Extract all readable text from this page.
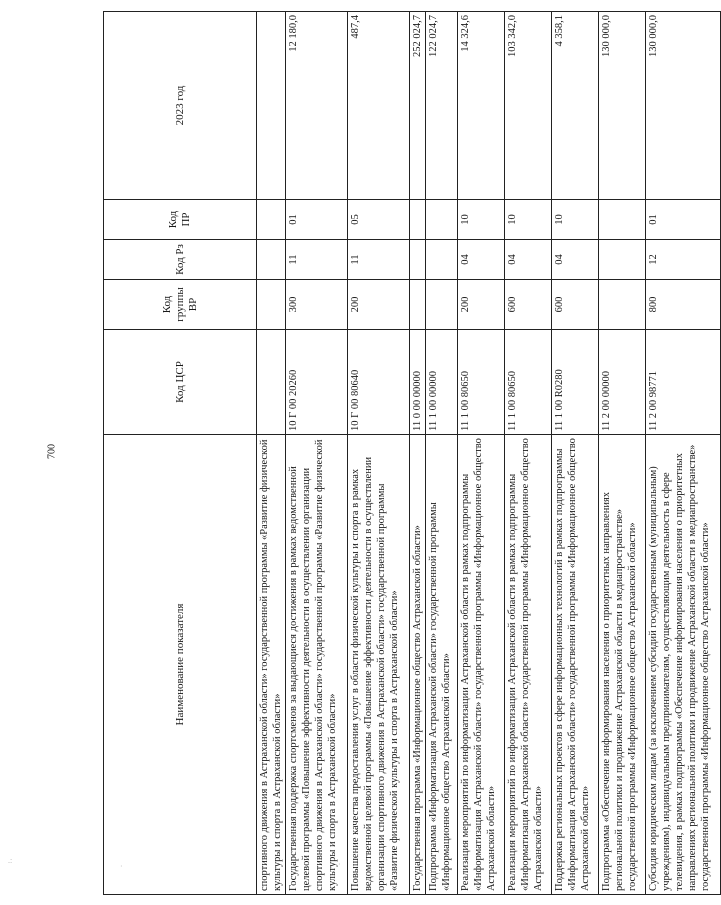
700
.:
·	·
Наименование показателя	Код ЦСР	Код группы ВР	Код Рз	Код ПР	2023 год
спортивного движения в Астраханской области» государственной программы «Развитие физической культуры и спорта в Астраханской области»					
Государственная поддержка спортсменов за выдающиеся достижения в рамках ведомственной целевой программы «Повышение эффективности деятельности в осуществлении организации спортивного движения в Астраханской области» государственной программы «Развитие физической культуры и спорта в Астраханской области»	10 Г 00 20260	300	11	01	12 180,0
Повышение качества предоставления услуг в области физической культуры и спорта в рамках ведомственной целевой программы «Повышение эффективности деятельности в осуществлении организации спортивного движения в Астраханской области» государственной программы «Развитие физической культуры и спорта в Астраханской области»	10 Г 00 80640	200	11	05	487,4
Государственная программа «Информационное общество Астраханской области»	11 0 00 00000				252 024,7
Подпрограмма «Информатизация Астраханской области» государственной программы «Информационное общество Астраханской области»	11 1 00 00000				122 024,7
Реализация мероприятий по информатизации Астраханской области в рамках подпрограммы «Информатизация Астраханской области» государственной программы «Информационное общество Астраханской области»	11 1 00 80650	200	04	10	14 324,6
Реализация мероприятий по информатизации Астраханской области в рамках подпрограммы «Информатизация Астраханской области» государственной программы «Информационное общество Астраханской области»	11 1 00 80650	600	04	10	103 342,0
Поддержка региональных проектов в сфере информационных технологий в рамках подпрограммы «Информатизация Астраханской области» государственной программы «Информационное общество Астраханской области»	11 1 00 R0280	600	04	10	4 358,1
Подпрограмма «Обеспечение информирования населения о приоритетных направлениях региональной политики и продвижение Астраханской области в медиапространстве» государственной программы «Информационное общество Астраханской области»	11 2 00 00000				130 000,0
Субсидия юридическим лицам (за исключением субсидий государственным (муниципальным) учреждениям), индивидуальным предпринимателям, осуществляющим деятельность в сфере телевидения, в рамках подпрограммы «Обеспечение информирования населения о приоритетных направлениях региональной политики и продвижение Астраханской области в медиапространстве» государственной программы «Информационное общество Астраханской области»	11 2 00 98771	800	12	01	130 000,0
